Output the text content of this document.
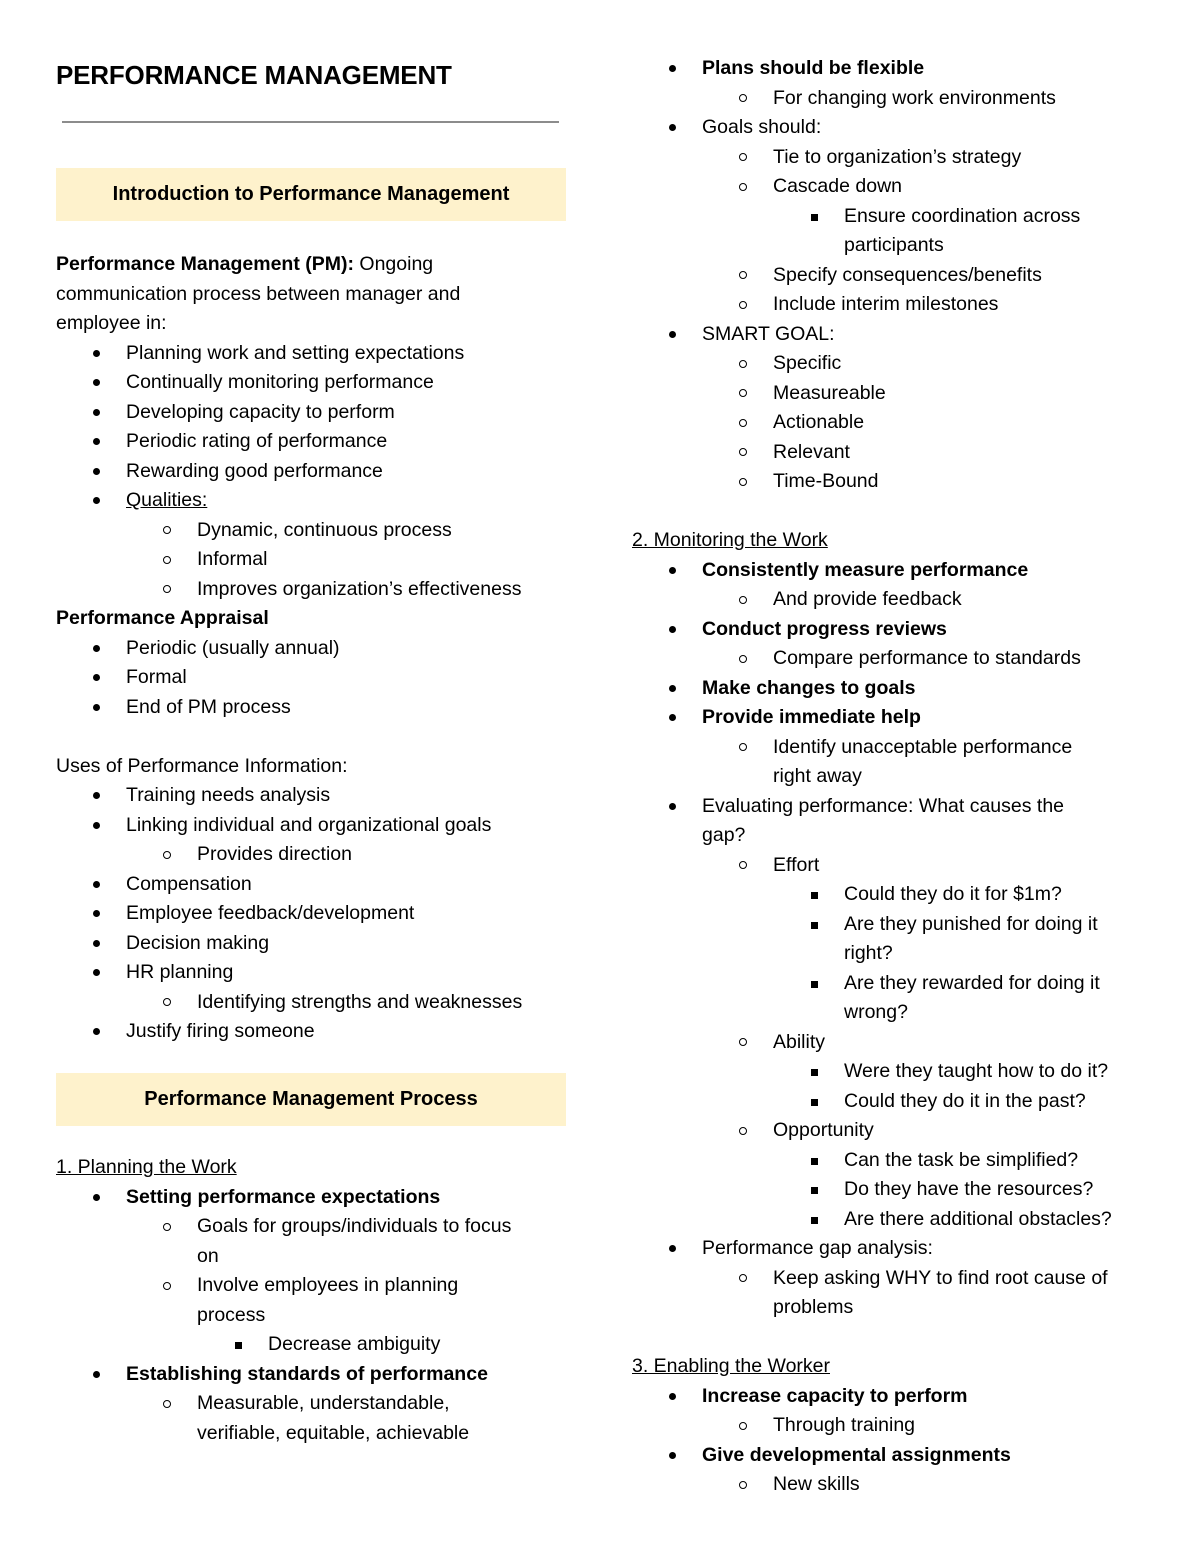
PERFORMANCE MANAGEMENT
Introduction to Performance Management
Performance Management (PM): Ongoing
communication process between manager and
employee in:
Planning work and setting expectations
Continually monitoring performance
Developing capacity to perform
Periodic rating of performance
Rewarding good performance
Qualities:
Dynamic, continuous process
Informal
Improves organization’s effectiveness
Performance Appraisal
Periodic (usually annual)
Formal
End of PM process
Uses of Performance Information:
Training needs analysis
Linking individual and organizational goals
Provides direction
Compensation
Employee feedback/development
Decision making
HR planning
Identifying strengths and weaknesses
Justify firing someone
Performance Management Process
1. Planning the Work
Setting performance expectations
Goals for groups/individuals to focus
on
Involve employees in planning
process
Decrease ambiguity
Establishing standards of performance
Measurable, understandable,
verifiable, equitable, achievable
Plans should be flexible
For changing work environments
Goals should:
Tie to organization’s strategy
Cascade down
Ensure coordination across
participants
Specify consequences/benefits
Include interim milestones
SMART GOAL:
Specific
Measureable
Actionable
Relevant
Time-Bound
2. Monitoring the Work
Consistently measure performance
And provide feedback
Conduct progress reviews
Compare performance to standards
Make changes to goals
Provide immediate help
Identify unacceptable performance
right away
Evaluating performance: What causes the
gap?
Effort
Could they do it for $1m?
Are they punished for doing it
right?
Are they rewarded for doing it
wrong?
Ability
Were they taught how to do it?
Could they do it in the past?
Opportunity
Can the task be simplified?
Do they have the resources?
Are there additional obstacles?
Performance gap analysis:
Keep asking WHY to find root cause of
problems
3. Enabling the Worker
Increase capacity to perform
Through training
Give developmental assignments
New skills
